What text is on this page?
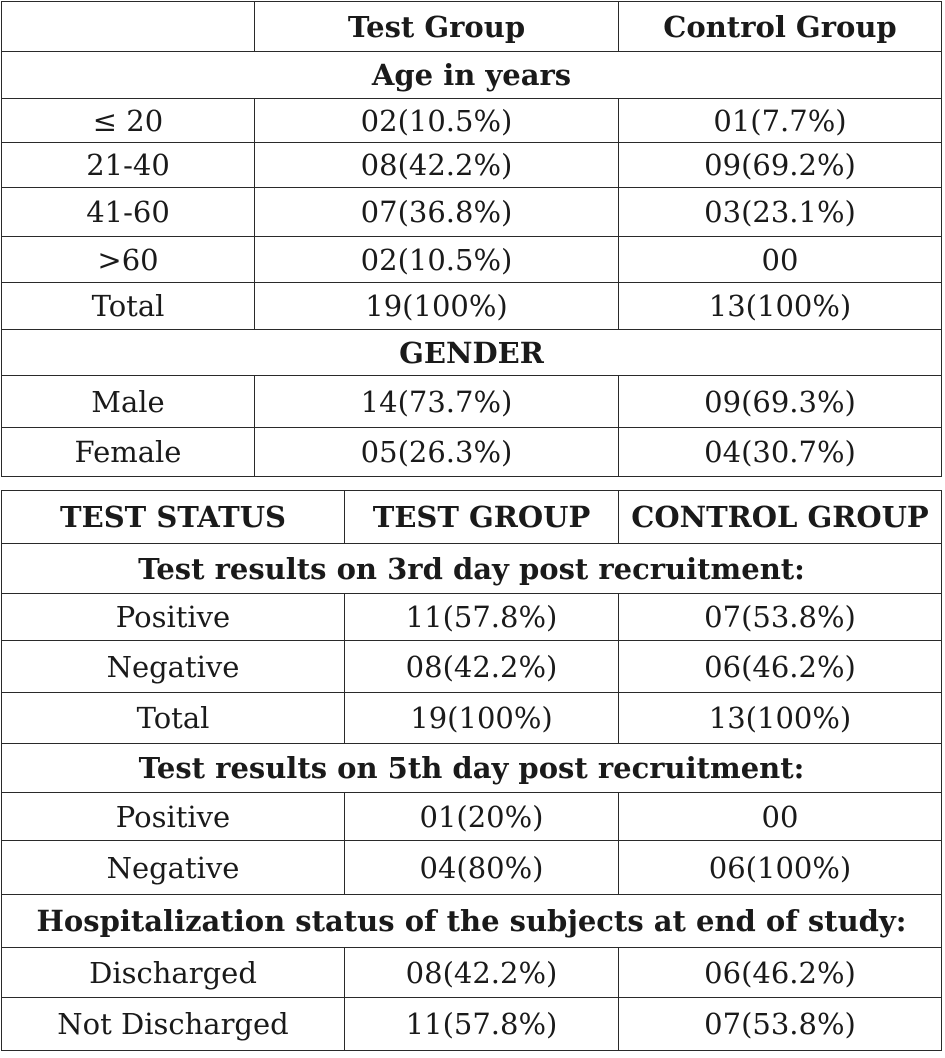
	Test Group	Control Group
Age in years		
≤ 20	02(10.5%)	01(7.7%)
21-40	08(42.2%)	09(69.2%)
41-60	07(36.8%)	03(23.1%)
>60	02(10.5%)	00
Total	19(100%)	13(100%)
GENDER		
Male	14(73.7%)	09(69.3%)
Female	05(26.3%)	04(30.7%)
TEST STATUS	TEST GROUP	CONTROL GROUP
Test results on 3rd day post recruitment:		
Positive	11(57.8%)	07(53.8%)
Negative	08(42.2%)	06(46.2%)
Total	19(100%)	13(100%)
Test results on 5th day post recruitment:		
Positive	01(20%)	00
Negative	04(80%)	06(100%)
Hospitalization status of the subjects at end of study:		
Discharged	08(42.2%)	06(46.2%)
Not Discharged	11(57.8%)	07(53.8%)
